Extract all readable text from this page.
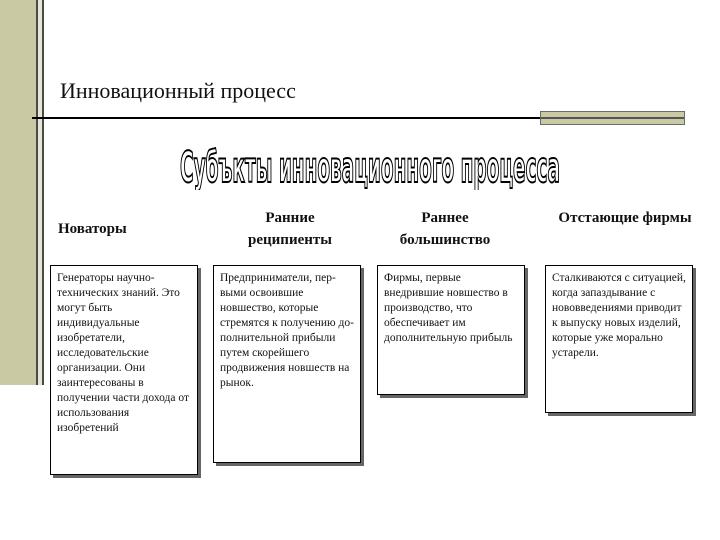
Инновационный процесс
Субъкты инновационного процесса
Новаторы
Ранние реципиенты
Раннее большинство
Отстающие фирмы
Генераторы научно-технических знаний. Это могут быть индивидуальные изобретатели, исследовательские организации. Они заинтересованы в получении части дохода от использования изобретений
Предприниматели, пер-выми освоившие новшество, которые стремятся к получению до-полнительной прибыли путем скорейшего продвижения новшеств на рынок.
Фирмы, первые внедрившие новшество в производство, что обеспечивает им дополнительную прибыль
Сталкиваются с ситуацией, когда запаздывание с нововведениями приводит к выпуску новых изделий, которые уже морально устарели.
